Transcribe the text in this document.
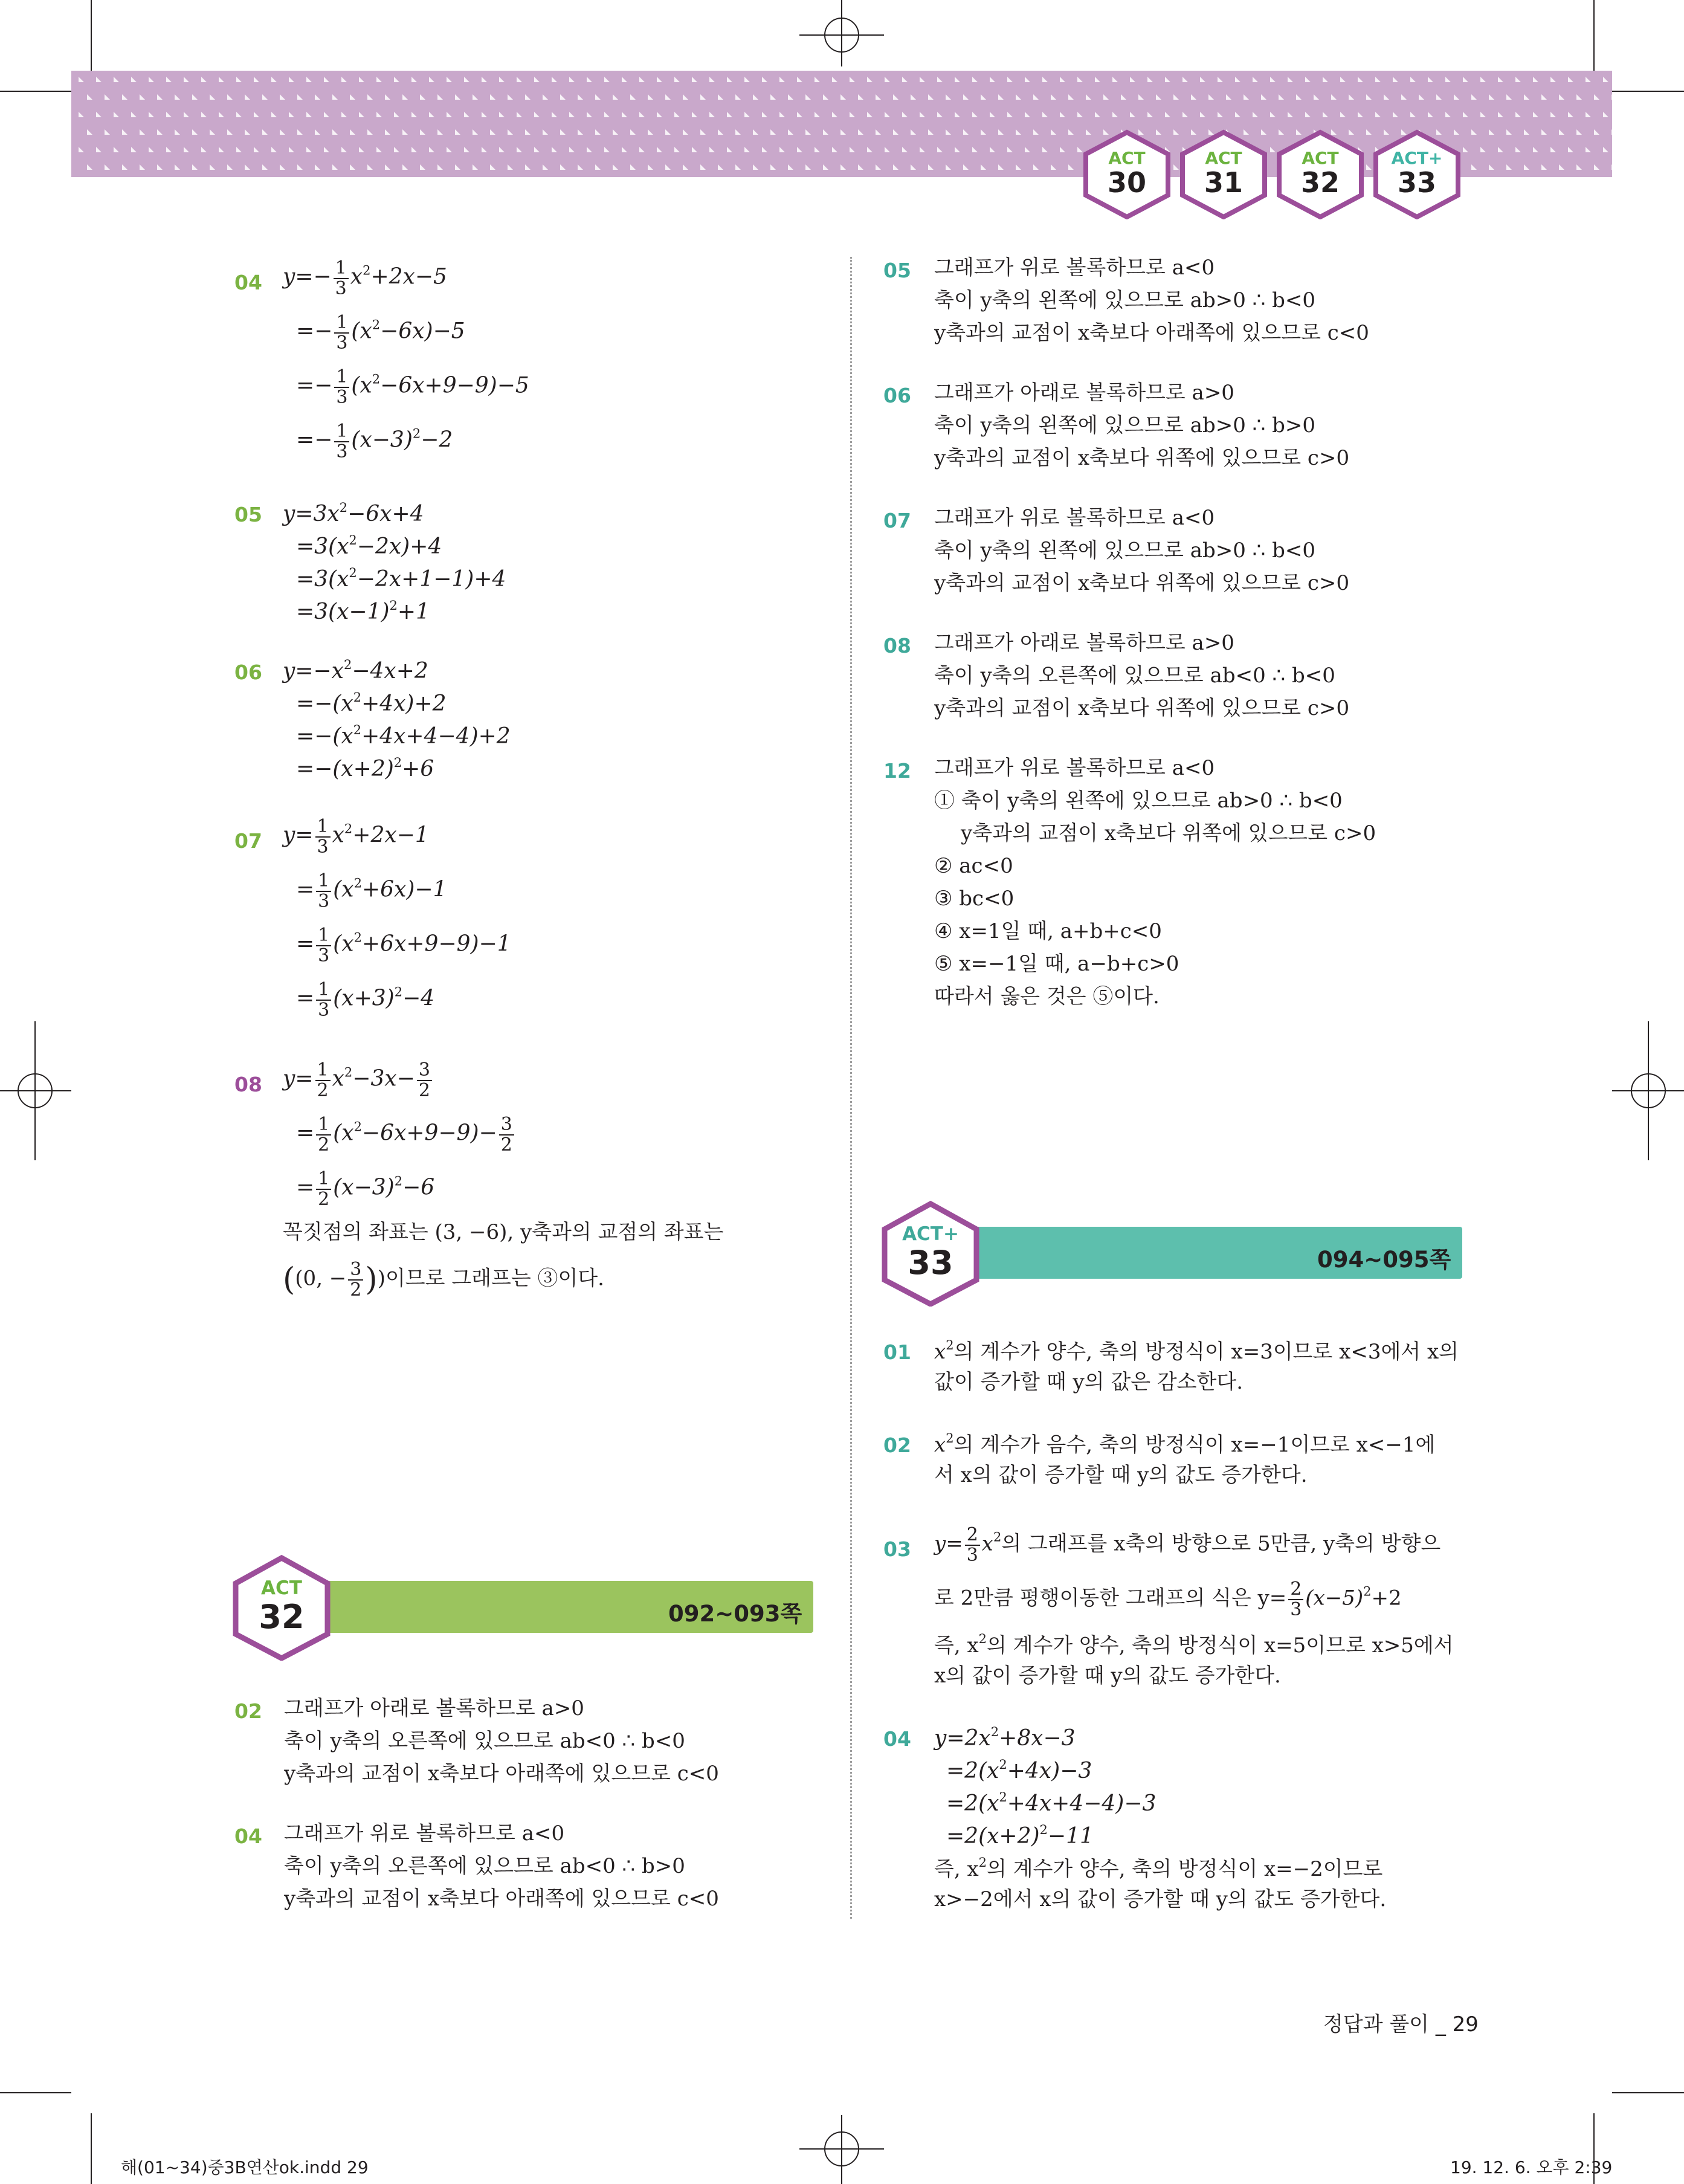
ACT
30
ACT
31
ACT
32
ACT+
33
04 $y=- \frac{1}{3} x^2+2x-5$
=− $\frac{1}{3} (x^2-6x)-5$
=− $\frac{1}{3} (x^2-6x+9-9)-5$
=− $\frac{1}{3} (x-3)^2-2$
05 $y=3x^2-6x+4$
$=3(x^2-2x)+4$
$=3(x^2-2x+1-1)+4$
$=3(x-1)^2+1$
06 $y=-x^2-4x+2$
$=-(x^2+4x)+2$
$=-(x^2+4x+4-4)+2$
$=-(x+2)^2+6$
07 $y= \frac{1}{3} x^2+2x-1$
= $\frac{1}{3} (x^2+6x)-1$
= $\frac{1}{3} (x^2+6x+9-9)-1$
= $\frac{1}{3} (x+3)^2-4$
08 $y= \frac{1}{2} x^2-3x- \frac{3}{2}$
= $\frac{1}{2} (x^2-6x+9-9)- \frac{3}{2}$
= $\frac{1}{2} (x-3)^2-6$
꼭짓점의 좌표는 (3, −6), y축과의 교점의 좌표는
((0, − $\frac{3}{2}$ ))이므로 그래프는 ③이다.
ACT
32	092~093쪽
02 그래프가 아래로 볼록하므로 a>0
축이 y축의 오른쪽에 있으므로 ab<0 ∴ b<0
y축과의 교점이 x축보다 아래쪽에 있으므로 c<0
04 그래프가 위로 볼록하므로 a<0
축이 y축의 오른쪽에 있으므로 ab<0 ∴ b>0
y축과의 교점이 x축보다 아래쪽에 있으므로 c<0
05 그래프가 위로 볼록하므로 a<0
축이 y축의 왼쪽에 있으므로 ab>0 ∴ b<0
y축과의 교점이 x축보다 아래쪽에 있으므로 c<0
06 그래프가 아래로 볼록하므로 a>0
축이 y축의 왼쪽에 있으므로 ab>0 ∴ b>0
y축과의 교점이 x축보다 위쪽에 있으므로 c>0
07 그래프가 위로 볼록하므로 a<0
축이 y축의 왼쪽에 있으므로 ab>0 ∴ b<0
y축과의 교점이 x축보다 위쪽에 있으므로 c>0
08 그래프가 아래로 볼록하므로 a>0
축이 y축의 오른쪽에 있으므로 ab<0 ∴ b<0
y축과의 교점이 x축보다 위쪽에 있으므로 c>0
12 그래프가 위로 볼록하므로 a<0
① 축이 y축의 왼쪽에 있으므로 ab>0 ∴ b<0
y축과의 교점이 x축보다 위쪽에 있으므로 c>0
② ac<0
③ bc<0
④ x=1일 때, a+b+c<0
⑤ x=−1일 때, a−b+c>0
따라서 옳은 것은 ⑤이다.
ACT+
33	094~095쪽
01 $x^2$의 계수가 양수, 축의 방정식이 x=3이므로 x<3에서 x의
값이 증가할 때 y의 값은 감소한다.
02 $x^2$의 계수가 음수, 축의 방정식이 x=−1이므로 x<−1에
서 x의 값이 증가할 때 y의 값도 증가한다.
03 $y= \frac{2}{3} x^2$의 그래프를 x축의 방향으로 5만큼, y축의 방향으
로 2만큼 평행이동한 그래프의 식은 $y= \frac{2}{3} (x-5)^2+2$
즉, $x^2$의 계수가 양수, 축의 방정식이 x=5이므로 x>5에서
x의 값이 증가할 때 y의 값도 증가한다.
04 $y=2x^2+8x-3$
$=2(x^2+4x)-3$
$=2(x^2+4x+4-4)-3$
$=2(x+2)^2-11$
즉, $x^2$의 계수가 양수, 축의 방정식이 x=−2이므로
x>−2에서 x의 값이 증가할 때 y의 값도 증가한다.
정답과 풀이 _ 29
해(01~34)중3B연산ok.indd 29	19. 12. 6. 오후 2:39
